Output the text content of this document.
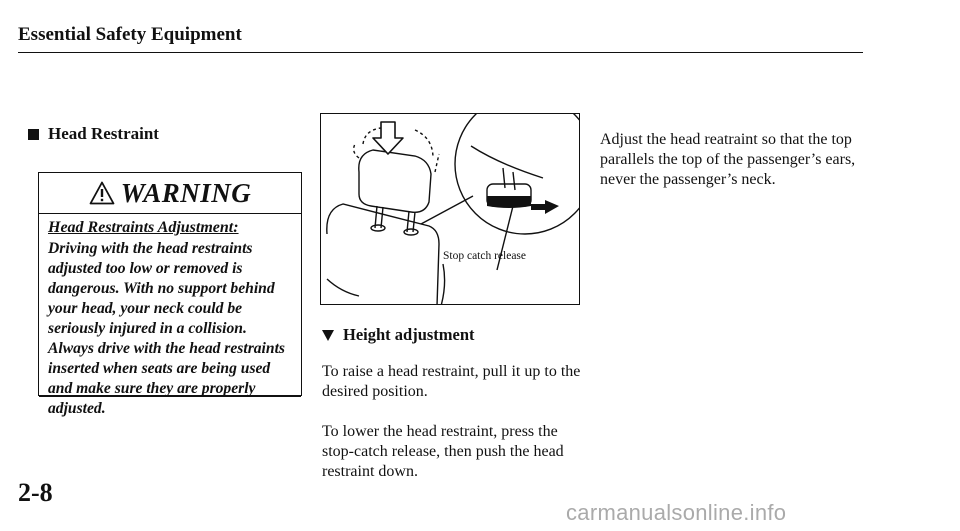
Essential Safety Equipment
Head Restraint
WARNING
Head Restraints Adjustment:
Driving with the head restraints adjusted too low or removed is dangerous. With no support behind your head, your neck could be seriously injured in a collision. Always drive with the head restraints inserted when seats are being used and make sure they are properly adjusted.
Stop catch release
Height adjustment
To raise a head restraint, pull it up to the desired position.
To lower the head restraint, press the stop-catch release, then push the head restraint down.
Adjust the head reatraint so that the top parallels the top of the passenger’s ears, never the passenger’s neck.
2-8
carmanualsonline.info
